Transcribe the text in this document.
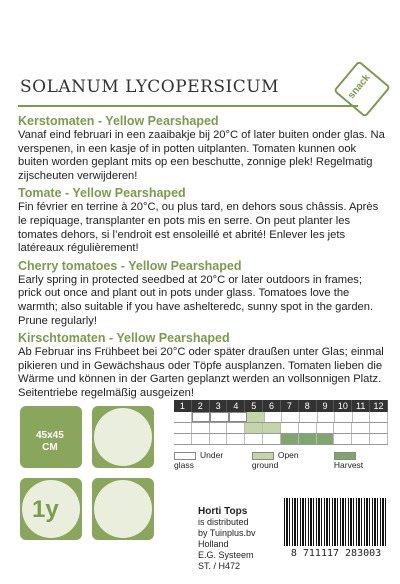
SOLANUM LYCOPERSICUM	snack
Kerstomaten - Yellow Pearshaped

Vanaf eind februari in een zaaibakje bij 20°C of later buiten onder glas. Na verspenen, in een kasje of in potten uitplanten. Tomaten kunnen ook buiten worden geplant mits op een beschutte, zonnige plek! Regelmatig zijscheuten verwijderen!

Tomate - Yellow Pearshaped

Fin février en terrine à 20°C, ou plus tard, en dehors sous châssis. Après le repiquage, transplanter en pots mis en serre. On peut planter les tomates dehors, si l’endroit est ensoleillé et abrité! Enlever les jets latéreaux régulièrement!

Cherry tomatoes - Yellow Pearshaped

Early spring in protected seedbed at 20°C or later outdoors in frames; prick out once and plant out in pots under glass. Tomatoes love the warmth; also suitable if you have ashelteredc, sunny spot in the garden. Prune regularly!

Kirschtomaten - Yellow Pearshaped

Ab Februar ins Frühbeet bei 20°C oder später draußen unter Glas; einmal pikieren und in Gewächshaus oder Töpfe ausplanzen. Tomaten lieben die Wärme und können in der Garten geplanzt werden an vollsonnigen Platz. Seitentriebe regelmäßig ausgeizen!

45x45
CM
1y
1	2	3	4	5	6	7	8	9	10 11 12
Under glass
Open ground	Harvest
Horti Tops
is distributed
by Tuinplus.bv
Holland
E.G. Systeem
ST. / H472
8 711117 283003
